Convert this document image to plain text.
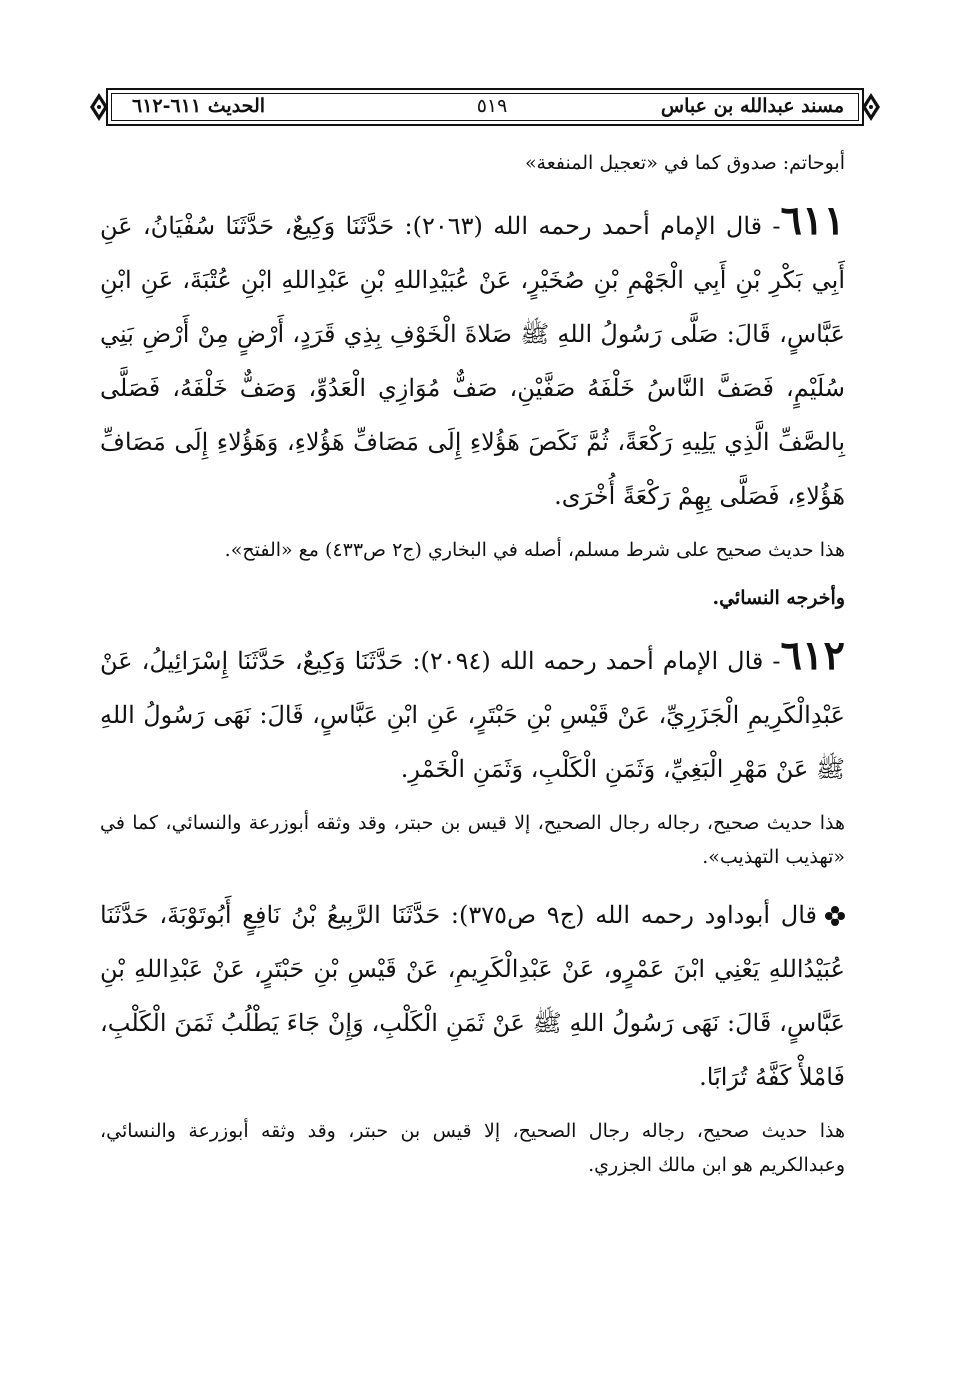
مسند عبدالله بن عباس
٥١٩
الحديث ٦١١-٦١٢

أبوحاتم: صدوق كما في «تعجيل المنفعة»

٦١١- قال الإمام أحمد رحمه الله (٢٠٦٣): حَدَّثَنَا وَكِيعٌ، حَدَّثَنَا سُفْيَانُ، عَنِ أَبِي بَكْرِ بْنِ أَبِي الْجَهْمِ بْنِ صُخَيْرٍ، عَنْ عُبَيْدِاللهِ بْنِ عَبْدِاللهِ ابْنِ عُتْبَةَ، عَنِ ابْنِ عَبَّاسٍ، قَالَ: صَلَّى رَسُولُ اللهِ ﷺ صَلاةَ الْخَوْفِ بِذِي قَرَدٍ، أَرْضٍ مِنْ أَرْضِ بَنِي سُلَيْمٍ، فَصَفَّ النَّاسُ خَلْفَهُ صَفَّيْنِ، صَفٌّ مُوَازِي الْعَدُوِّ، وَصَفٌّ خَلْفَهُ، فَصَلَّى بِالصَّفِّ الَّذِي يَلِيهِ رَكْعَةً، ثُمَّ نَكَصَ هَؤُلاءِ إِلَى مَصَافِّ هَؤُلاءِ، وَهَؤُلاءِ إِلَى مَصَافِّ هَؤُلاءِ، فَصَلَّى بِهِمْ رَكْعَةً أُخْرَى.

هذا حديث صحيح على شرط مسلم، أصله في البخاري (ج٢ ص٤٣٣) مع «الفتح».

وأخرجه النسائي.

٦١٢- قال الإمام أحمد رحمه الله (٢٠٩٤): حَدَّثَنَا وَكِيعٌ، حَدَّثَنَا إِسْرَائِيلُ، عَنْ عَبْدِالْكَرِيمِ الْجَزَرِيِّ، عَنْ قَيْسِ بْنِ حَبْتَرٍ، عَنِ ابْنِ عَبَّاسٍ، قَالَ: نَهَى رَسُولُ اللهِ ﷺ عَنْ مَهْرِ الْبَغِيِّ، وَثَمَنِ الْكَلْبِ، وَثَمَنِ الْخَمْرِ.

هذا حديث صحيح، رجاله رجال الصحيح، إلا قيس بن حبتر، وقد وثقه أبوزرعة والنسائي، كما في «تهذيب التهذيب».

قال أبوداود رحمه الله (ج٩ ص٣٧٥): حَدَّثَنَا الرَّبِيعُ بْنُ نَافِعٍ أَبُوتَوْبَةَ، حَدَّثَنَا عُبَيْدُاللهِ يَعْنِي ابْنَ عَمْرٍو، عَنْ عَبْدِالْكَرِيمِ، عَنْ قَيْسِ بْنِ حَبْتَرٍ، عَنْ عَبْدِاللهِ بْنِ عَبَّاسٍ، قَالَ: نَهَى رَسُولُ اللهِ ﷺ عَنْ ثَمَنِ الْكَلْبِ، وَإِنْ جَاءَ يَطْلُبُ ثَمَنَ الْكَلْبِ، فَامْلأْ كَفَّهُ تُرَابًا.

هذا حديث صحيح، رجاله رجال الصحيح، إلا قيس بن حبتر، وقد وثقه أبوزرعة والنسائي، وعبدالكريم هو ابن مالك الجزري.
